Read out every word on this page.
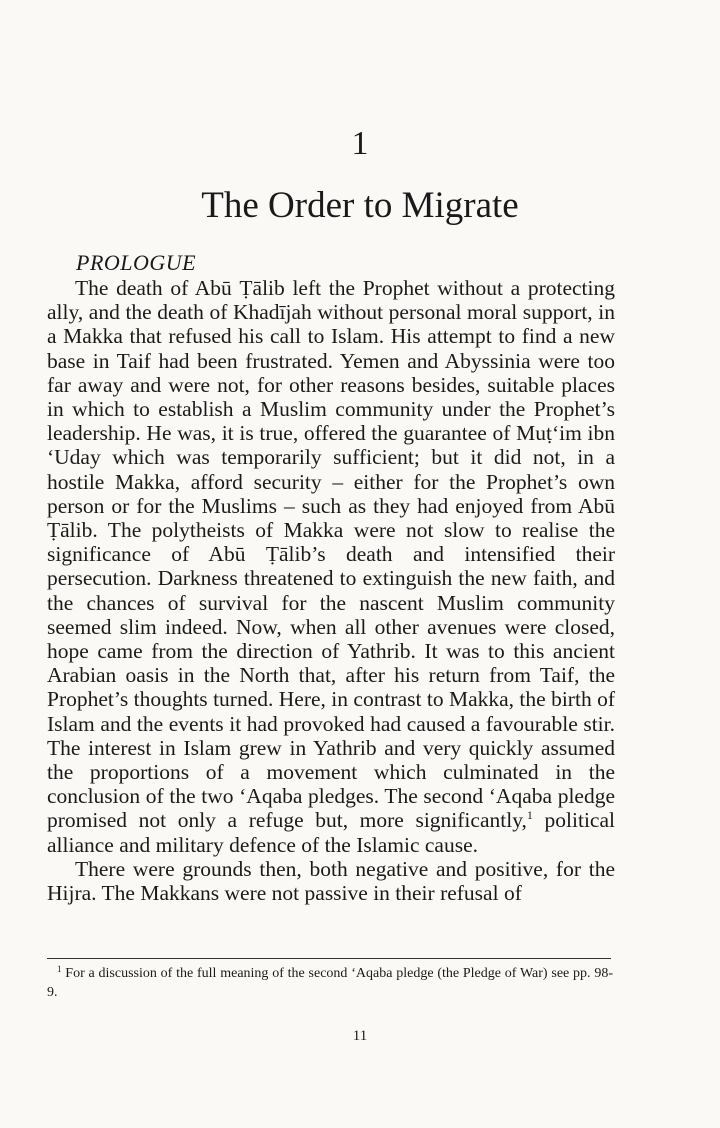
1
The Order to Migrate
PROLOGUE

The death of Abū Ṭālib left the Prophet without a protecting ally, and the death of Khadījah without personal moral support, in a Makka that refused his call to Islam. His attempt to find a new base in Taif had been frustrated. Yemen and Abyssinia were too far away and were not, for other reasons besides, suitable places in which to establish a Muslim community under the Prophet’s leadership. He was, it is true, offered the guarantee of Muṭ‘im ibn ‘Uday which was temporarily sufficient; but it did not, in a hostile Makka, afford security – either for the Prophet’s own person or for the Muslims – such as they had enjoyed from Abū Ṭālib. The polytheists of Makka were not slow to realise the significance of Abū Ṭālib’s death and intensified their persecution. Darkness threatened to extinguish the new faith, and the chances of survival for the nascent Muslim community seemed slim indeed. Now, when all other avenues were closed, hope came from the direction of Yathrib. It was to this ancient Arabian oasis in the North that, after his return from Taif, the Prophet’s thoughts turned. Here, in contrast to Makka, the birth of Islam and the events it had provoked had caused a favourable stir. The interest in Islam grew in Yathrib and very quickly assumed the proportions of a movement which culminated in the conclusion of the two ‘Aqaba pledges. The second ‘Aqaba pledge promised not only a refuge but, more significantly,$^1$ political alliance and military defence of the Islamic cause.

There were grounds then, both negative and positive, for the Hijra. The Makkans were not passive in their refusal of

$^1$ For a discussion of the full meaning of the second ‘Aqaba pledge (the Pledge of War) see pp. 98-9.
11
